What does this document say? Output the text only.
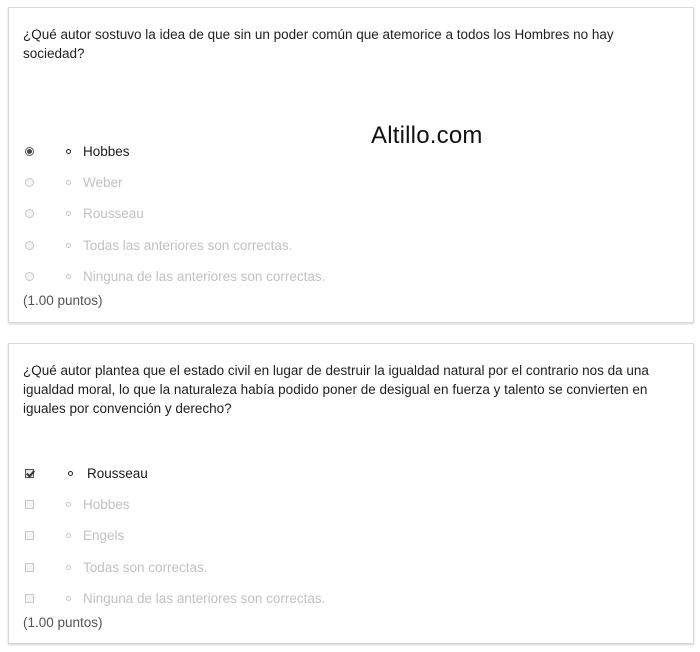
¿Qué autor sostuvo la idea de que sin un poder común que atemorice a todos los Hombres no hay sociedad?

Altillo.com
Hobbes
Weber
Rousseau
Todas las anteriores son correctas.
Ninguna de las anteriores son correctas.
(1.00 puntos)

¿Qué autor plantea que el estado civil en lugar de destruir la igualdad natural por el contrario nos da una igualdad moral, lo que la naturaleza había podido poner de desigual en fuerza y talento se convierten en iguales por convención y derecho?

Rousseau
Hobbes
Engels
Todas son correctas.
Ninguna de las anteriores son correctas.
(1.00 puntos)
